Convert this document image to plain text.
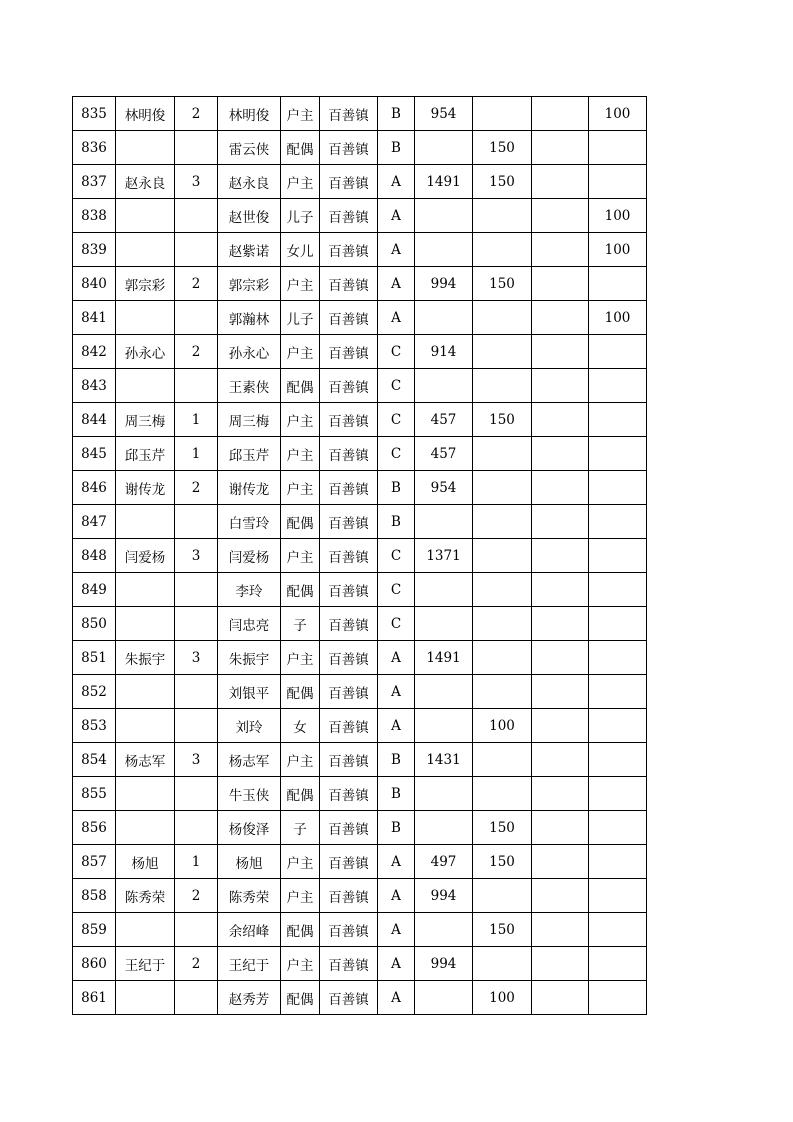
835	林明俊	2	林明俊	户主	百善镇	B	954			100
836			雷云侠	配偶	百善镇	B		150		
837	赵永良	3	赵永良	户主	百善镇	A	1491	150		
838			赵世俊	儿子	百善镇	A				100
839			赵紫诺	女儿	百善镇	A				100
840	郭宗彩	2	郭宗彩	户主	百善镇	A	994	150		
841			郭瀚林	儿子	百善镇	A				100
842	孙永心	2	孙永心	户主	百善镇	C	914			
843			王素侠	配偶	百善镇	C				
844	周三梅	1	周三梅	户主	百善镇	C	457	150		
845	邱玉芹	1	邱玉芹	户主	百善镇	C	457			
846	谢传龙	2	谢传龙	户主	百善镇	B	954			
847			白雪玲	配偶	百善镇	B				
848	闫爱杨	3	闫爱杨	户主	百善镇	C	1371			
849			李玲	配偶	百善镇	C				
850			闫忠亮	子	百善镇	C				
851	朱振宇	3	朱振宇	户主	百善镇	A	1491			
852			刘银平	配偶	百善镇	A				
853			刘玲	女	百善镇	A		100		
854	杨志军	3	杨志军	户主	百善镇	B	1431			
855			牛玉侠	配偶	百善镇	B				
856			杨俊泽	子	百善镇	B		150		
857	杨旭	1	杨旭	户主	百善镇	A	497	150		
858	陈秀荣	2	陈秀荣	户主	百善镇	A	994			
859			余绍峰	配偶	百善镇	A		150		
860	王纪于	2	王纪于	户主	百善镇	A	994			
861			赵秀芳	配偶	百善镇	A		100		
